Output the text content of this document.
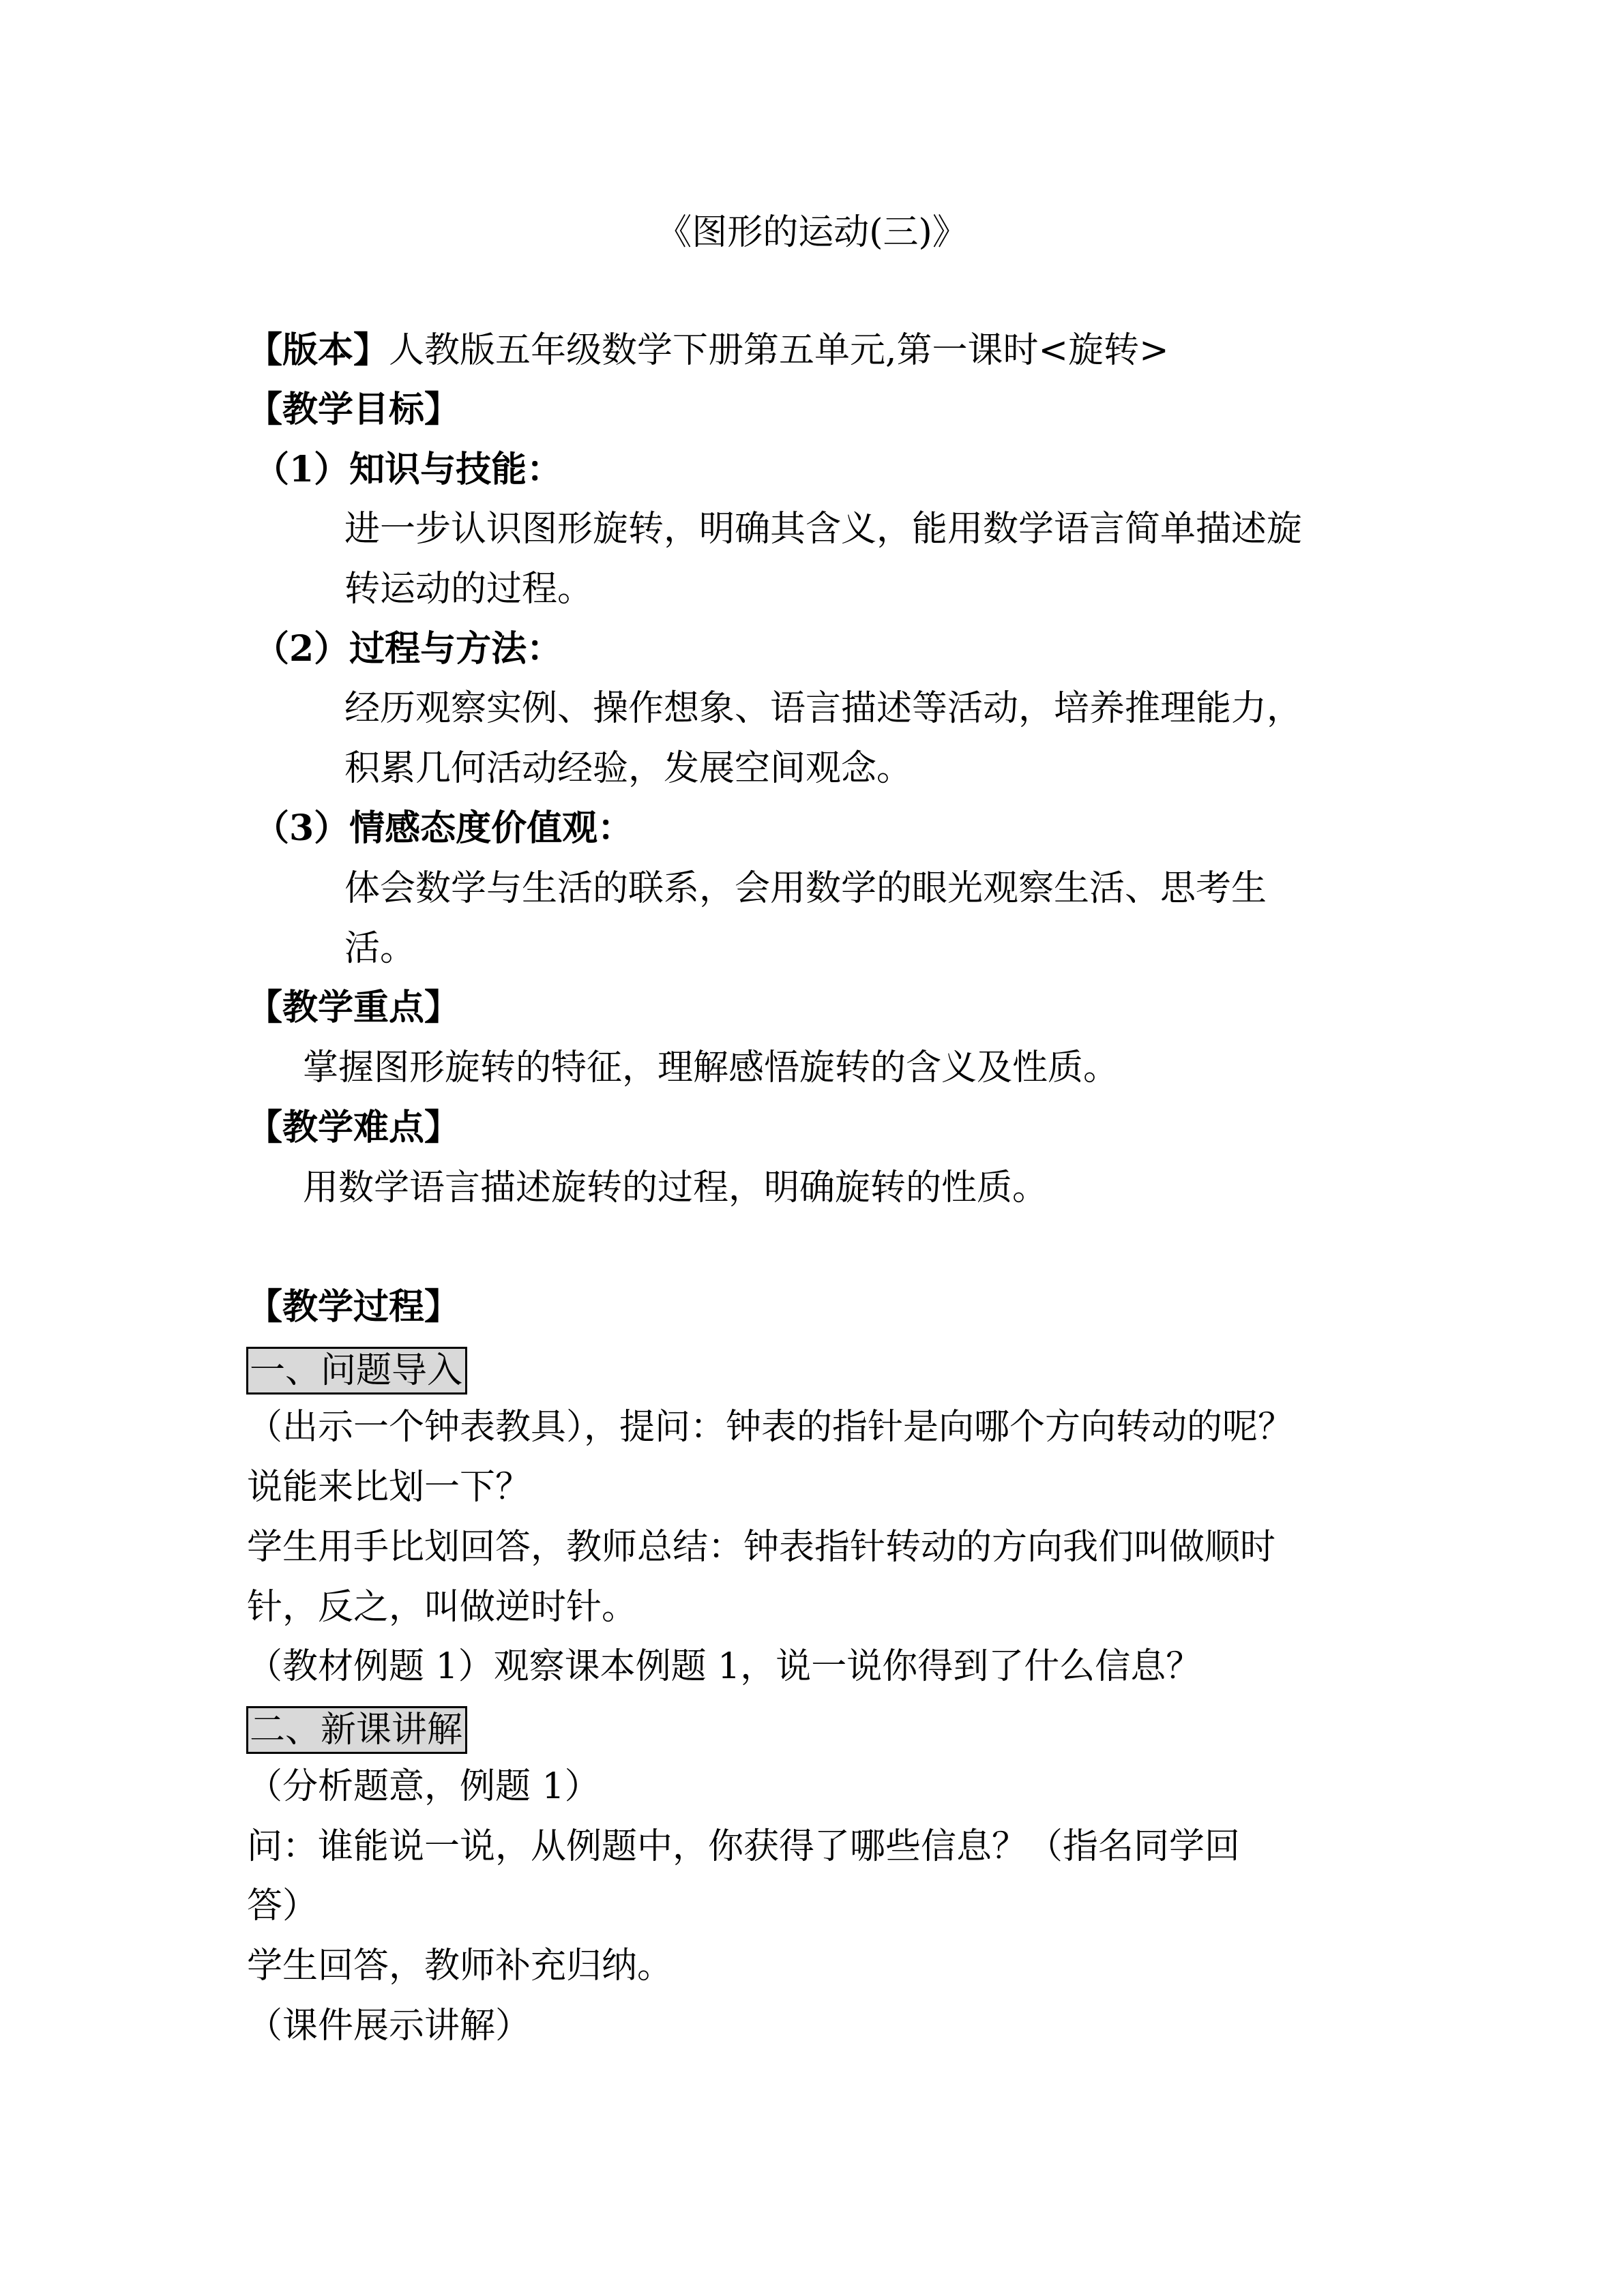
《图形的运动(三)》
【版本】人教版五年级数学下册第五单元,第一课时<旋转>
【教学目标】
（1）知识与技能：
进一步认识图形旋转，明确其含义，能用数学语言简单描述旋
转运动的过程。
（2）过程与方法：
经历观察实例、操作想象、语言描述等活动，培养推理能力，
积累几何活动经验，发展空间观念。
（3）情感态度价值观：
体会数学与生活的联系，会用数学的眼光观察生活、思考生
活。
【教学重点】
掌握图形旋转的特征，理解感悟旋转的含义及性质。
【教学难点】
用数学语言描述旋转的过程，明确旋转的性质。
【教学过程】
一、问题导入
（出示一个钟表教具），提问：钟表的指针是向哪个方向转动的呢？
说能来比划一下？
学生用手比划回答，教师总结：钟表指针转动的方向我们叫做顺时
针，反之，叫做逆时针。
（教材例题 1）观察课本例题 1，说一说你得到了什么信息？
二、新课讲解
（分析题意，例题 1）
问：谁能说一说，从例题中，你获得了哪些信息？（指名同学回
答）
学生回答，教师补充归纳。
（课件展示讲解）
